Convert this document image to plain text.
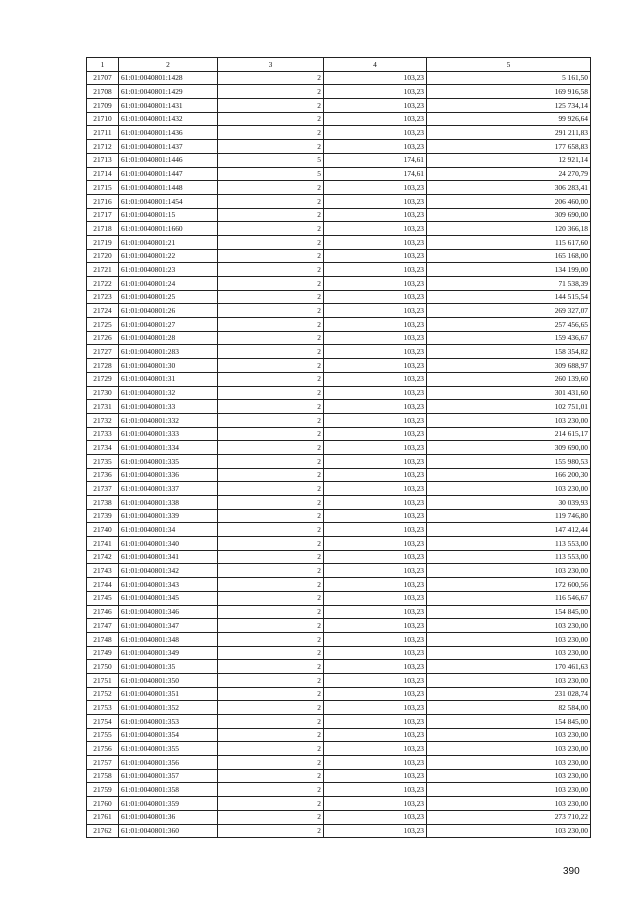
1	2	3	4	5
21707	61:01:0040801:1428	2	103,23	5 161,50
21708	61:01:0040801:1429	2	103,23	169 916,58
21709	61:01:0040801:1431	2	103,23	125 734,14
21710	61:01:0040801:1432	2	103,23	99 926,64
21711	61:01:0040801:1436	2	103,23	291 211,83
21712	61:01:0040801:1437	2	103,23	177 658,83
21713	61:01:0040801:1446	5	174,61	12 921,14
21714	61:01:0040801:1447	5	174,61	24 270,79
21715	61:01:0040801:1448	2	103,23	306 283,41
21716	61:01:0040801:1454	2	103,23	206 460,00
21717	61:01:0040801:15	2	103,23	309 690,00
21718	61:01:0040801:1660	2	103,23	120 366,18
21719	61:01:0040801:21	2	103,23	115 617,60
21720	61:01:0040801:22	2	103,23	165 168,00
21721	61:01:0040801:23	2	103,23	134 199,00
21722	61:01:0040801:24	2	103,23	71 538,39
21723	61:01:0040801:25	2	103,23	144 515,54
21724	61:01:0040801:26	2	103,23	269 327,07
21725	61:01:0040801:27	2	103,23	257 456,65
21726	61:01:0040801:28	2	103,23	159 436,67
21727	61:01:0040801:283	2	103,23	158 354,82
21728	61:01:0040801:30	2	103,23	309 688,97
21729	61:01:0040801:31	2	103,23	260 139,60
21730	61:01:0040801:32	2	103,23	301 431,60
21731	61:01:0040801:33	2	103,23	102 751,01
21732	61:01:0040801:332	2	103,23	103 230,00
21733	61:01:0040801:333	2	103,23	214 615,17
21734	61:01:0040801:334	2	103,23	309 690,00
21735	61:01:0040801:335	2	103,23	155 980,53
21736	61:01:0040801:336	2	103,23	166 200,30
21737	61:01:0040801:337	2	103,23	103 230,00
21738	61:01:0040801:338	2	103,23	30 039,93
21739	61:01:0040801:339	2	103,23	119 746,80
21740	61:01:0040801:34	2	103,23	147 412,44
21741	61:01:0040801:340	2	103,23	113 553,00
21742	61:01:0040801:341	2	103,23	113 553,00
21743	61:01:0040801:342	2	103,23	103 230,00
21744	61:01:0040801:343	2	103,23	172 600,56
21745	61:01:0040801:345	2	103,23	116 546,67
21746	61:01:0040801:346	2	103,23	154 845,00
21747	61:01:0040801:347	2	103,23	103 230,00
21748	61:01:0040801:348	2	103,23	103 230,00
21749	61:01:0040801:349	2	103,23	103 230,00
21750	61:01:0040801:35	2	103,23	170 461,63
21751	61:01:0040801:350	2	103,23	103 230,00
21752	61:01:0040801:351	2	103,23	231 028,74
21753	61:01:0040801:352	2	103,23	82 584,00
21754	61:01:0040801:353	2	103,23	154 845,00
21755	61:01:0040801:354	2	103,23	103 230,00
21756	61:01:0040801:355	2	103,23	103 230,00
21757	61:01:0040801:356	2	103,23	103 230,00
21758	61:01:0040801:357	2	103,23	103 230,00
21759	61:01:0040801:358	2	103,23	103 230,00
21760	61:01:0040801:359	2	103,23	103 230,00
21761	61:01:0040801:36	2	103,23	273 710,22
21762	61:01:0040801:360	2	103,23	103 230,00
390
